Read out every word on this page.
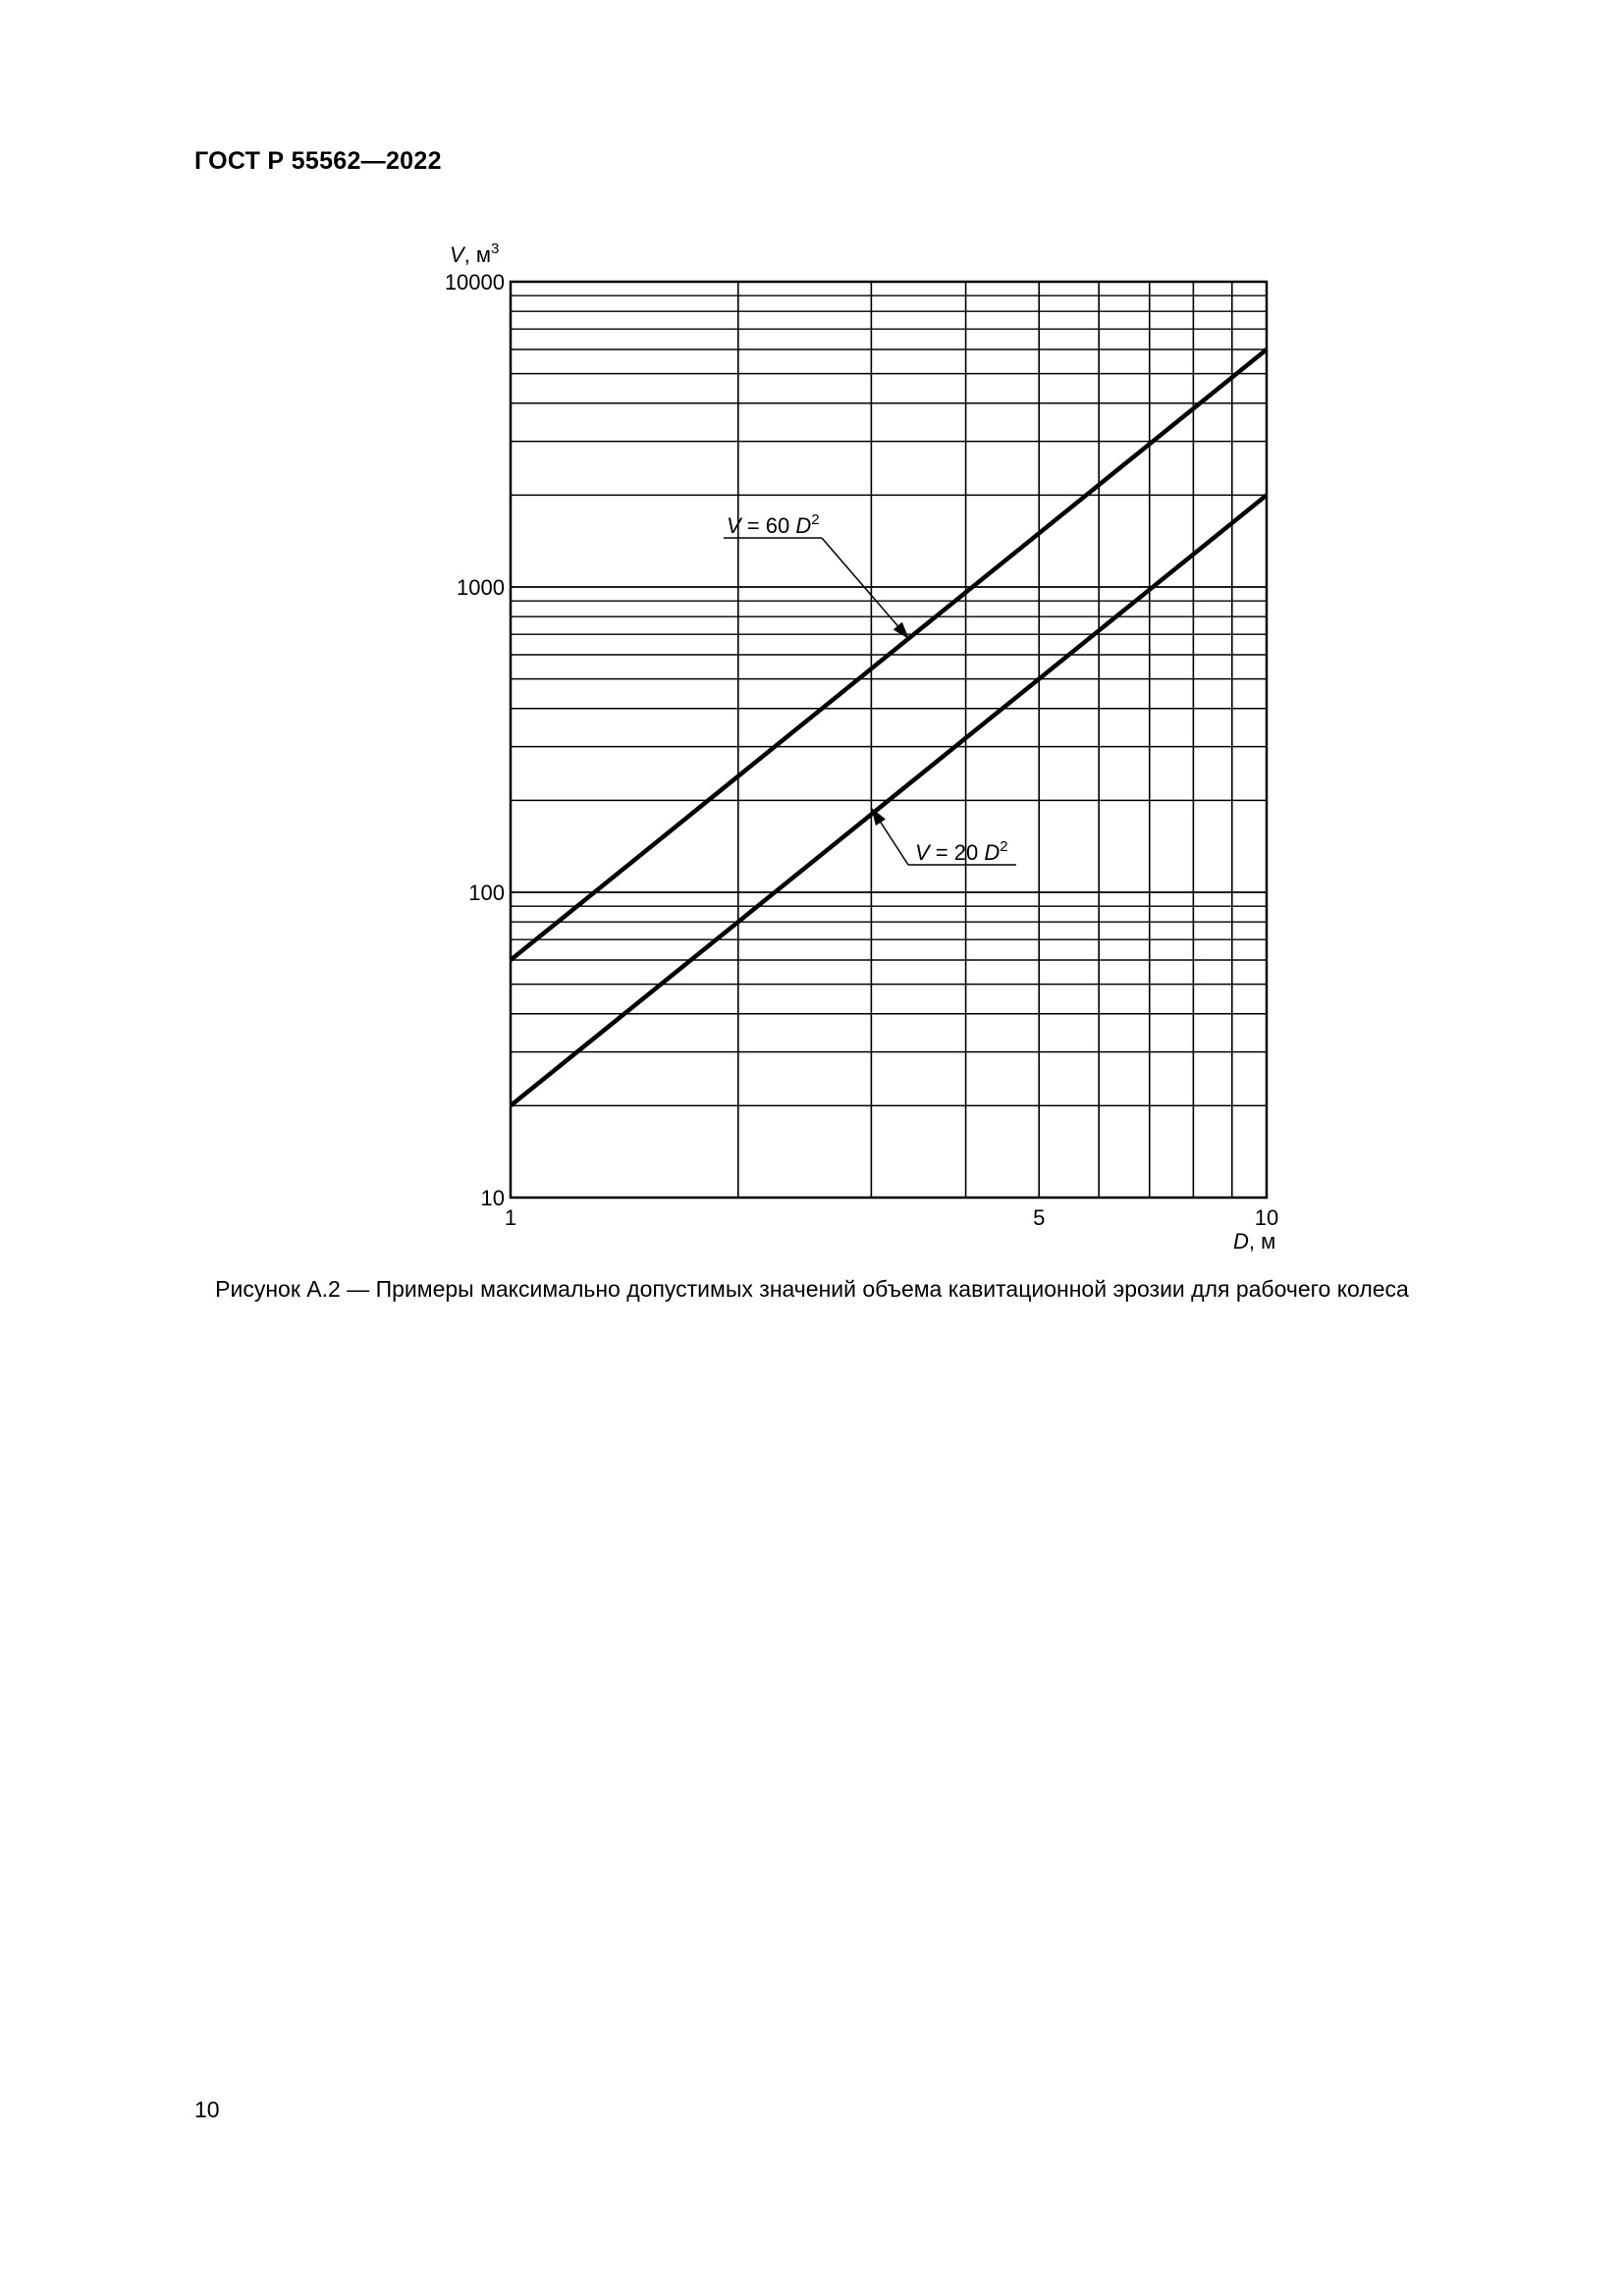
ГОСТ Р 55562—2022
1	5	10
10
100
1000
10000
V = 60 $D^2$
V = 20 $D^2$
V, $м^3$
D, м
Рисунок А.2 — Примеры максимально допустимых значений объема кавитационной эрозии для рабочего колеса
10
